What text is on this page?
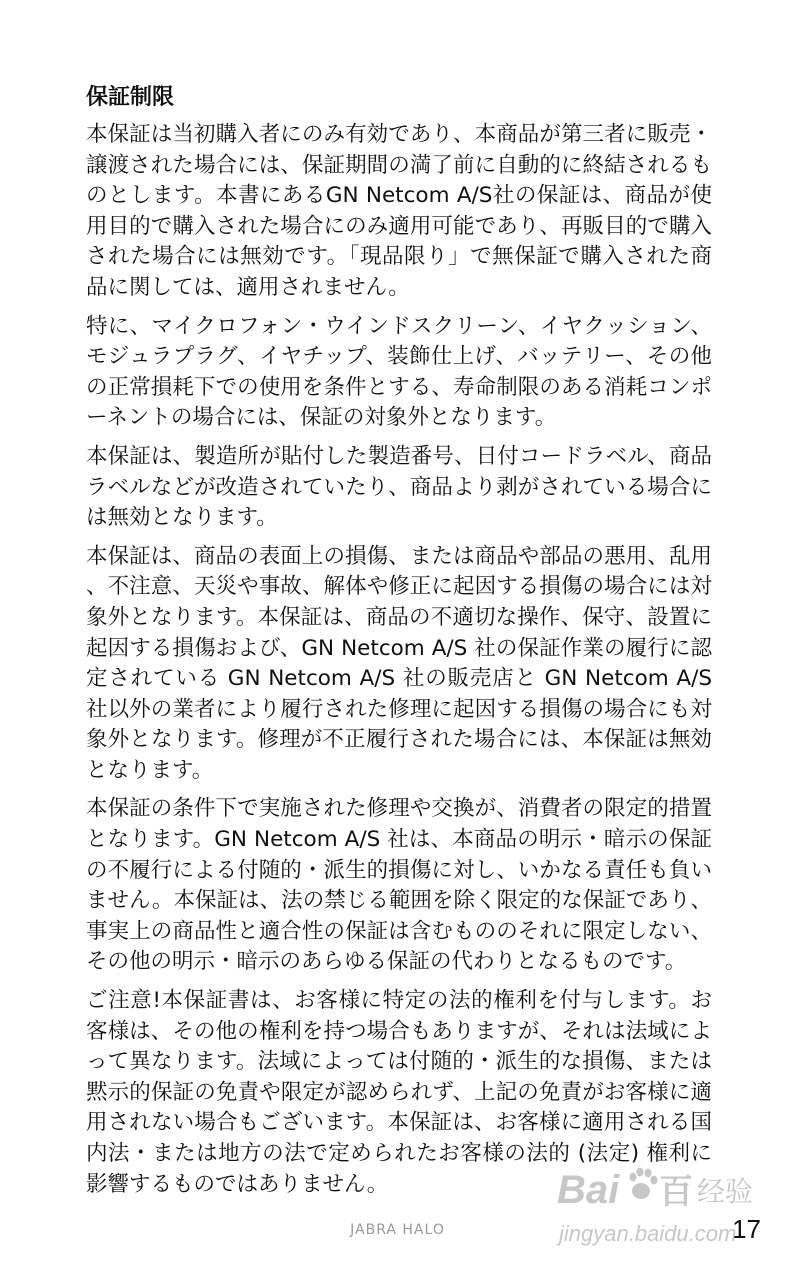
保証制限

本保証は当初購入者にのみ有効であり、本商品が第三者に販売・譲渡された場合には、保証期間の満了前に自動的に終結されるものとします。本書にあるGN Netcom A/S社の保証は、商品が使用目的で購入された場合にのみ適用可能であり、再販目的で購入された場合には無効です。「現品限り」で無保証で購入された商品に関しては、適用されません。

特に、マイクロフォン・ウインドスクリーン、イヤクッション、モジュラプラグ、イヤチップ、装飾仕上げ、バッテリー、その他の正常損耗下での使用を条件とする、寿命制限のある消耗コンポーネントの場合には、保証の対象外となります。

本保証は、製造所が貼付した製造番号、日付コードラベル、商品ラベルなどが改造されていたり、商品より剥がされている場合には無効となります。

本保証は、商品の表面上の損傷、または商品や部品の悪用、乱用、不注意、天災や事故、解体や修正に起因する損傷の場合には対象外となります。本保証は、商品の不適切な操作、保守、設置に起因する損傷および、GN Netcom A/S 社の保証作業の履行に認定されている GN Netcom A/S 社の販売店と GN Netcom A/S 社以外の業者により履行された修理に起因する損傷の場合にも対象外となります。修理が不正履行された場合には、本保証は無効となります。

本保証の条件下で実施された修理や交換が、消費者の限定的措置となります。GN Netcom A/S 社は、本商品の明示・暗示の保証の不履行による付随的・派生的損傷に対し、いかなる責任も負いません。本保証は、法の禁じる範囲を除く限定的な保証であり、事実上の商品性と適合性の保証は含むもののそれに限定しない、その他の明示・暗示のあらゆる保証の代わりとなるものです。

ご注意!本保証書は、お客様に特定の法的権利を付与します。お客様は、その他の権利を持つ場合もありますが、それは法域によって異なります。法域によっては付随的・派生的な損傷、または黙示的保証の免責や限定が認められず、上記の免責がお客様に適用されない場合もございます。本保証は、お客様に適用される国内法・または地方の法で定められたお客様の法的 (法定) 権利に影響するものではありません。

JABRA HALO	17
Bai 百 经验
jingyan.baidu.com
